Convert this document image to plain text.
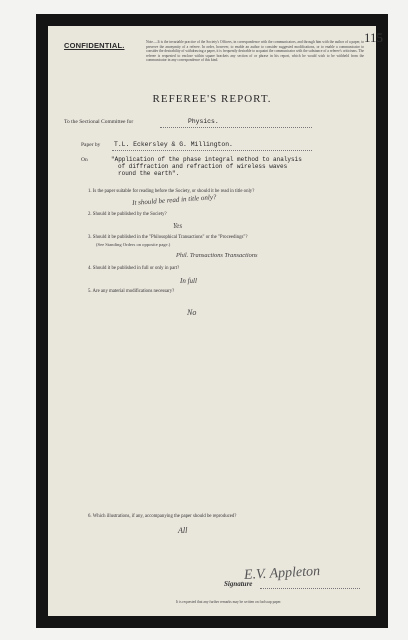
115
CONFIDENTIAL.	Note.—It is the invariable practice of the Society's Officers, in correspondence with the communicators, and through him with the author of a paper, to preserve the anonymity of a referee. In order, however, to enable an author to consider suggested modifications, or to enable a communicator to consider the desirability of withdrawing a paper, it is frequently desirable to acquaint the communicator with the substance of a referee's criticisms. The referee is requested to enclose within square brackets any section of or phrase in his report, which he would wish to be withheld from the communicator in any correspondence of this kind.
REFEREE'S REPORT.
To the Sectional Committee for	Physics.
Paper by T.L. Eckersley & G. Millington.
On	"Application of the phase integral method to analysis
of diffraction and refraction of wireless waves
round the earth".
1. Is the paper suitable for reading before the Society, or should it be read in title only?
It should be read in title only?
2. Should it be published by the Society?
Yes
3. Should it be published in the "Philosophical Transactions" or the "Proceedings"?
(See Standing Orders on opposite page.)
Phil. Transactions Transactions
4. Should it be published in full or only in part?
In full
5. Are any material modifications necessary?
No
6. Which illustrations, if any, accompanying the paper should be reproduced?
All
Signature
E.V. Appleton
It is requested that any further remarks may be written on foolscap paper.
